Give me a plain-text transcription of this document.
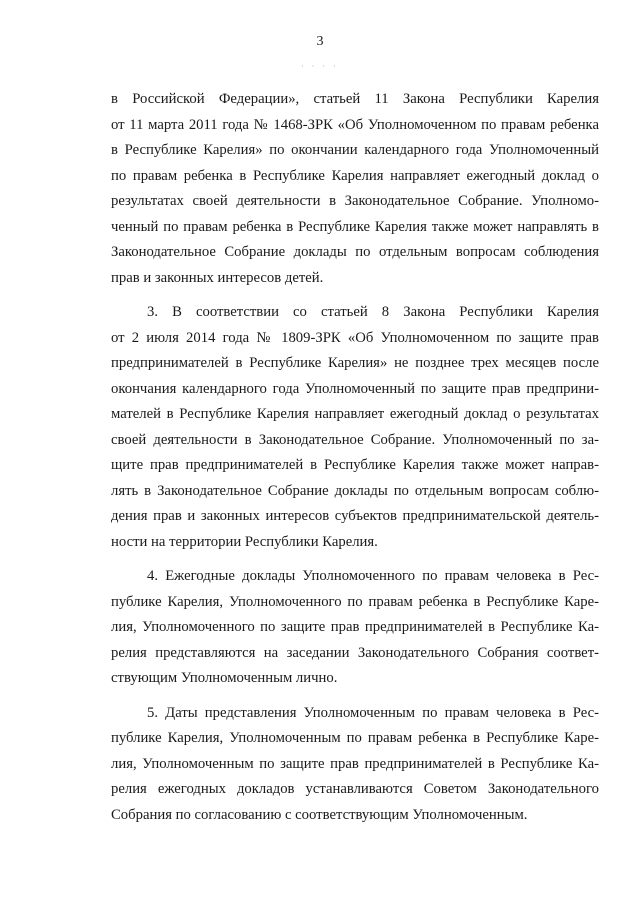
3
· · · ·
в Российской Федерации», статьей 11 Закона Республики Карелия
от 11 марта 2011 года № 1468-ЗРК «Об Уполномоченном по правам ребенка
в Республике Карелия» по окончании календарного года Уполномоченный
по правам ребенка в Республике Карелия направляет ежегодный доклад о
результатах своей деятельности в Законодательное Собрание. Уполномо-
ченный по правам ребенка в Республике Карелия также может направлять в
Законодательное Собрание доклады по отдельным вопросам соблюдения
прав и законных интересов детей.
3. В соответствии со статьей 8 Закона Республики Карелия
от 2 июля 2014 года № 1809-ЗРК «Об Уполномоченном по защите прав
предпринимателей в Республике Карелия» не позднее трех месяцев после
окончания календарного года Уполномоченный по защите прав предприни-
мателей в Республике Карелия направляет ежегодный доклад о результатах
своей деятельности в Законодательное Собрание. Уполномоченный по за-
щите прав предпринимателей в Республике Карелия также может направ-
лять в Законодательное Собрание доклады по отдельным вопросам соблю-
дения прав и законных интересов субъектов предпринимательской деятель-
ности на территории Республики Карелия.
4. Ежегодные доклады Уполномоченного по правам человека в Рес-
публике Карелия, Уполномоченного по правам ребенка в Республике Каре-
лия, Уполномоченного по защите прав предпринимателей в Республике Ка-
релия представляются на заседании Законодательного Собрания соответ-
ствующим Уполномоченным лично.
5. Даты представления Уполномоченным по правам человека в Рес-
публике Карелия, Уполномоченным по правам ребенка в Республике Каре-
лия, Уполномоченным по защите прав предпринимателей в Республике Ка-
релия ежегодных докладов устанавливаются Советом Законодательного
Собрания по согласованию с соответствующим Уполномоченным.
